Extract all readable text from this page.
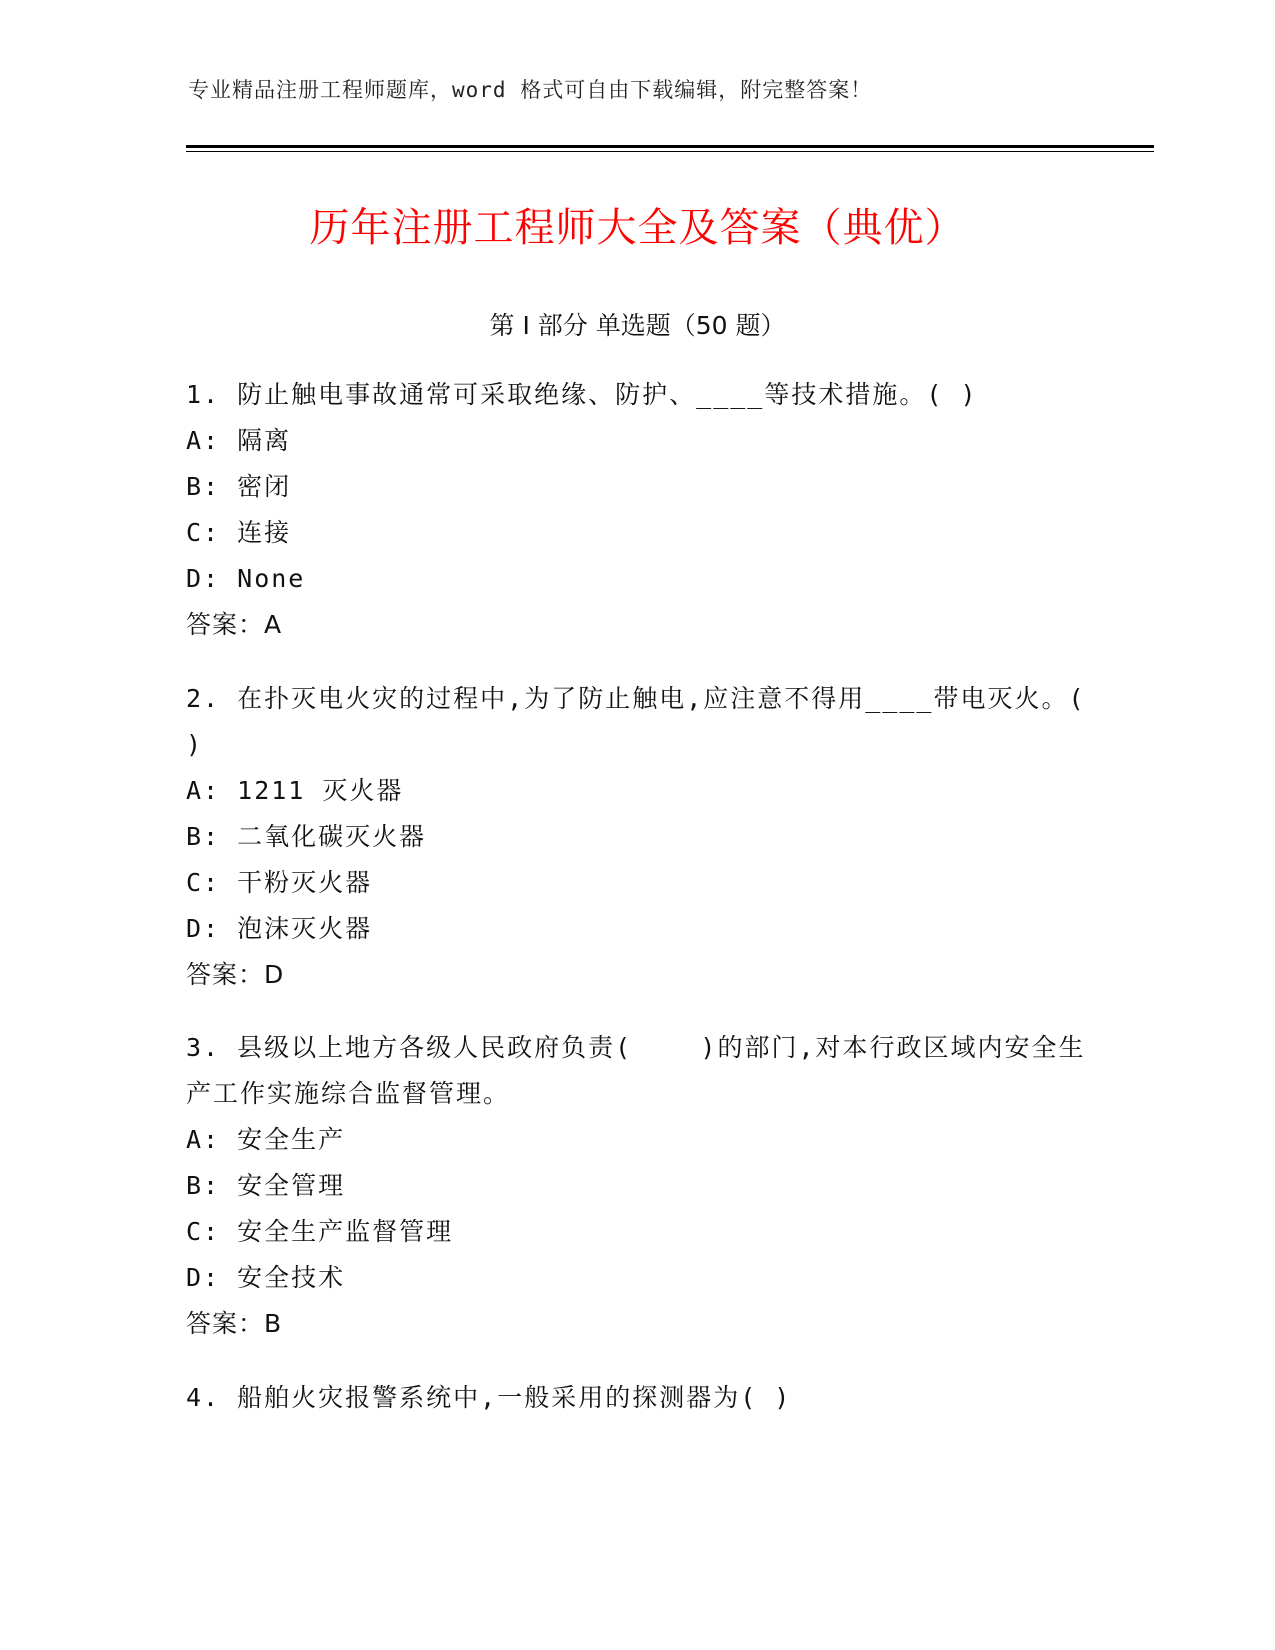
专业精品注册工程师题库，word 格式可自由下载编辑，附完整答案！
历年注册工程师大全及答案（典优）
第 I 部分 单选题（50 题）
1. 防止触电事故通常可采取绝缘、防护、____等技术措施。( )
A: 隔离
B: 密闭
C: 连接
D: None
答案：A
2. 在扑灭电火灾的过程中,为了防止触电,应注意不得用____带电灭火。( )
A: 1211 灭火器
B: 二氧化碳灭火器
C: 干粉灭火器
D: 泡沫灭火器
答案：D
3. 县级以上地方各级人民政府负责(    )的部门,对本行政区域内安全生产工作实施综合监督管理。
A: 安全生产
B: 安全管理
C: 安全生产监督管理
D: 安全技术
答案：B
4. 船舶火灾报警系统中,一般采用的探测器为( )
